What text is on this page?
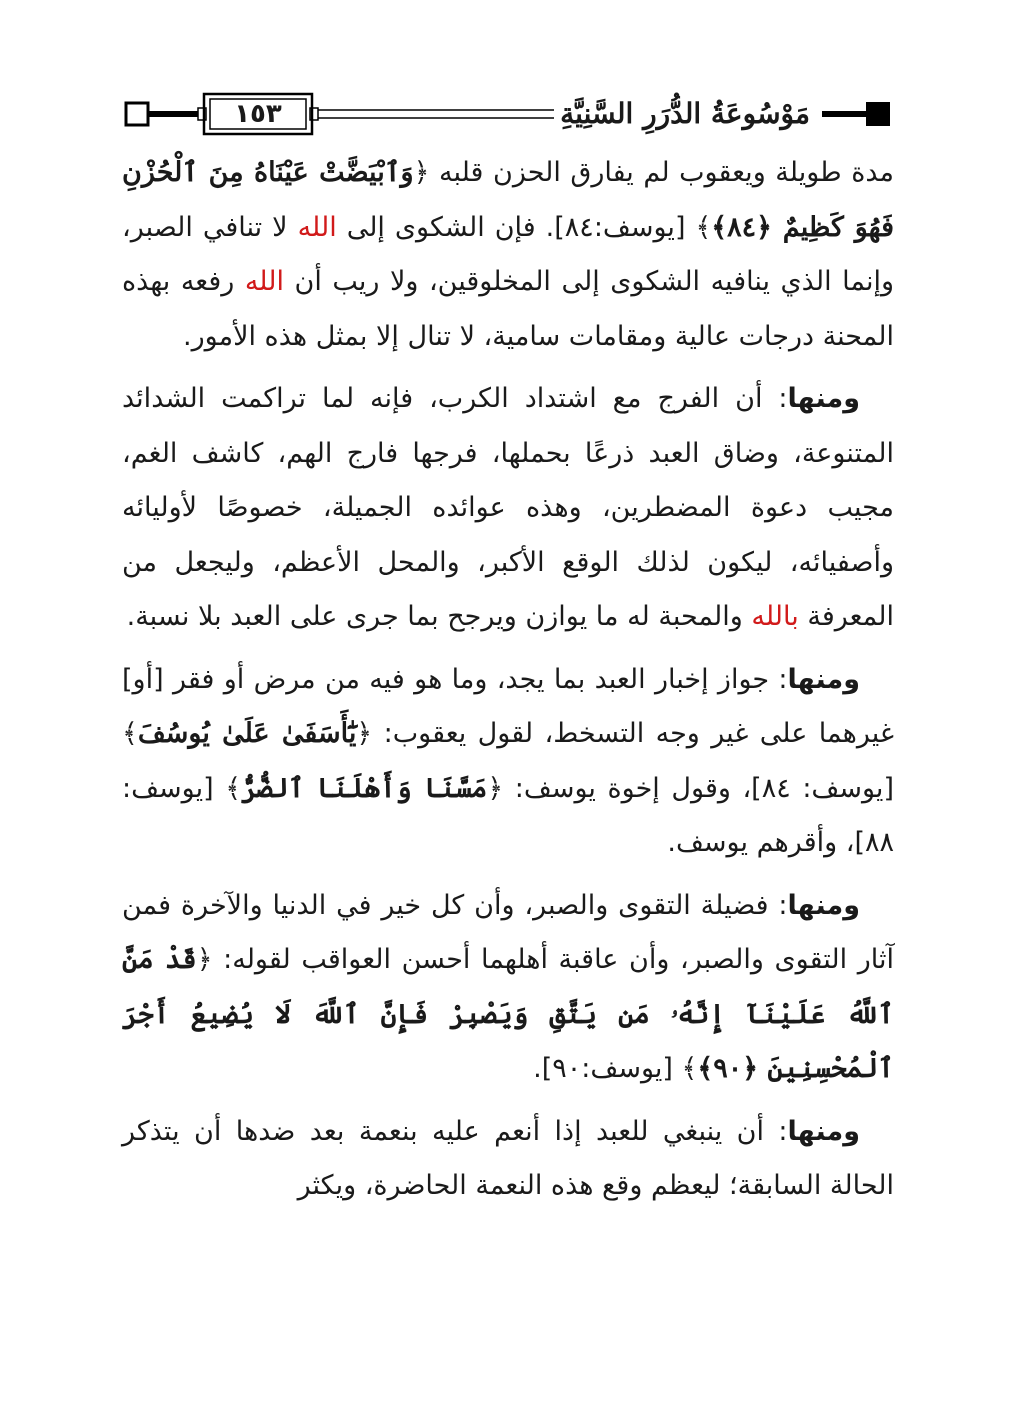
مَوْسُوعَةُ الدُّرَرِ السَّنِيَّةِ
١٥٣

مدة طويلة ويعقوب لم يفارق الحزن قلبه ﴿وَٱبْيَضَّتْ عَيْنَاهُ مِنَ ٱلْحُزْنِ فَهُوَ كَظِيمٌ ﴿٨٤﴾﴾ [يوسف:٨٤]. فإن الشكوى إلى الله لا تنافي الصبر، وإنما الذي ينافيه الشكوى إلى المخلوقين، ولا ريب أن الله رفعه بهذه المحنة درجات عالية ومقامات سامية، لا تنال إلا بمثل هذه الأمور.

ومنها: أن الفرج مع اشتداد الكرب، فإنه لما تراكمت الشدائد المتنوعة، وضاق العبد ذرعًا بحملها، فرجها فارج الهم، كاشف الغم، مجيب دعوة المضطرين، وهذه عوائده الجميلة، خصوصًا لأوليائه وأصفيائه، ليكون لذلك الوقع الأكبر، والمحل الأعظم، وليجعل من المعرفة بالله والمحبة له ما يوازن ويرجح بما جرى على العبد بلا نسبة.

ومنها: جواز إخبار العبد بما يجد، وما هو فيه من مرض أو فقر [أو] غيرهما على غير وجه التسخط، لقول يعقوب: ﴿يَٰٓأَسَفَىٰ عَلَىٰ يُوسُفَ﴾ [يوسف: ٨٤]، وقول إخوة يوسف: ﴿مَسَّنَا وَأَهْلَنَا ٱلضُّرُّ﴾ [يوسف: ٨٨]، وأقرهم يوسف.

ومنها: فضيلة التقوى والصبر، وأن كل خير في الدنيا والآخرة فمن آثار التقوى والصبر، وأن عاقبة أهلهما أحسن العواقب لقوله: ﴿قَدْ مَنَّ ٱللَّهُ عَلَيْنَآ إِنَّهُۥ مَن يَتَّقِ وَيَصْبِرْ فَإِنَّ ٱللَّهَ لَا يُضِيعُ أَجْرَ ٱلْمُحْسِنِينَ ﴿٩٠﴾﴾ [يوسف:٩٠].

ومنها: أن ينبغي للعبد إذا أنعم عليه بنعمة بعد ضدها أن يتذكر الحالة السابقة؛ ليعظم وقع هذه النعمة الحاضرة، ويكثر
